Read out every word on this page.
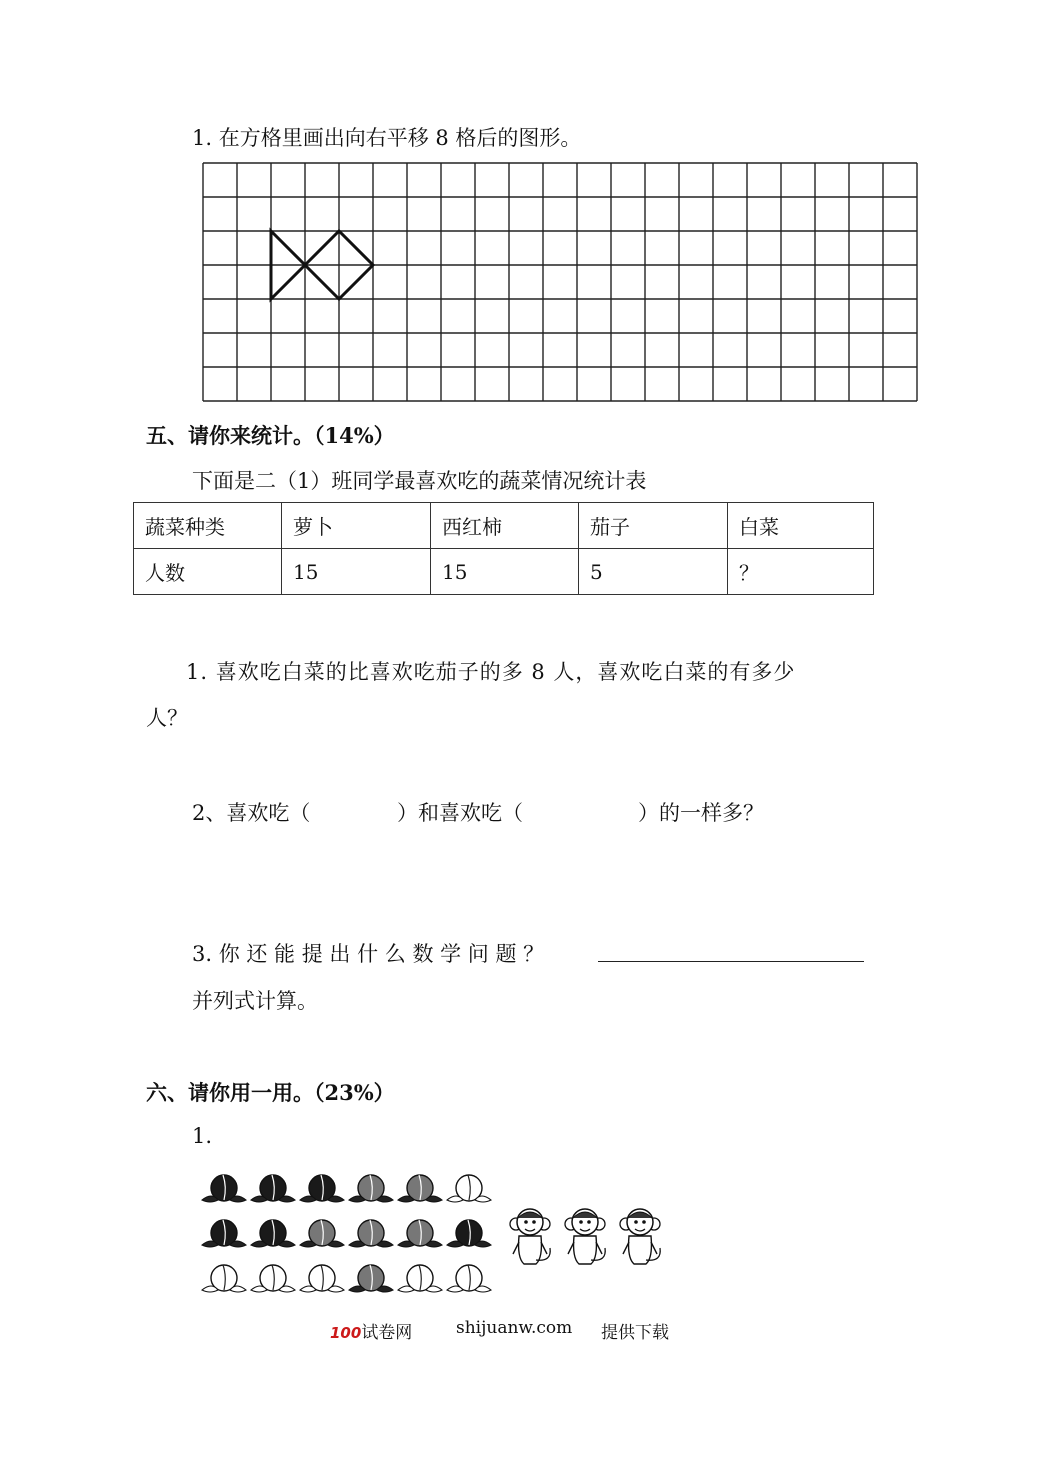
1. 在方格里画出向右平移 8 格后的图形。
五、请你来统计。（14%）
下面是二（1）班同学最喜欢吃的蔬菜情况统计表
蔬菜种类	萝卜	西红柿	茄子	白菜
人数	15	15	5	？
1. 喜欢吃白菜的比喜欢吃茄子的多 8 人，喜欢吃白菜的有多少
人？
2、喜欢吃（	）和喜欢吃（	）的一样多？
3. 你 还 能 提 出 什 么 数 学 问 题 ？
并列式计算。
六、请你用一用。（23%）
1.
100试卷网	shijuanw.com 提供下载
